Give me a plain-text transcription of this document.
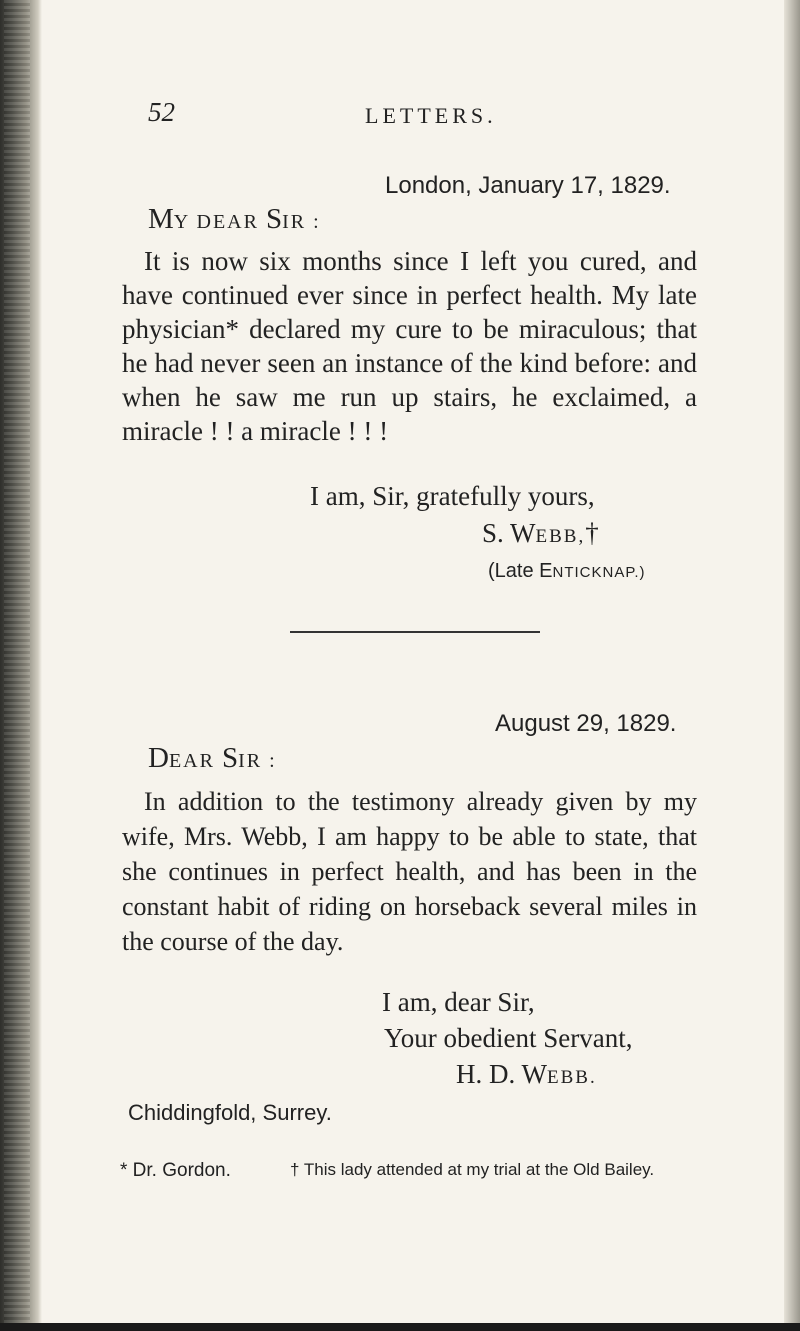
52	LETTERS.
London, January 17, 1829.
MY DEAR SIR :
It is now six months since I left you cured, and have continued ever since in perfect health. My late physician* declared my cure to be miraculous; that he had never seen an instance of the kind before: and when he saw me run up stairs, he exclaimed, a miracle ! ! a miracle ! ! !
I am, Sir, gratefully yours,
S. WEBB,†
(Late ENTICKNAP.)
August 29, 1829.
DEAR SIR :
In addition to the testimony already given by my wife, Mrs. Webb, I am happy to be able to state, that she continues in perfect health, and has been in the constant habit of riding on horseback several miles in the course of the day.
I am, dear Sir,
Your obedient Servant,
H. D. WEBB.
Chiddingfold, Surrey.
* Dr. Gordon.	† This lady attended at my trial at the Old Bailey.
